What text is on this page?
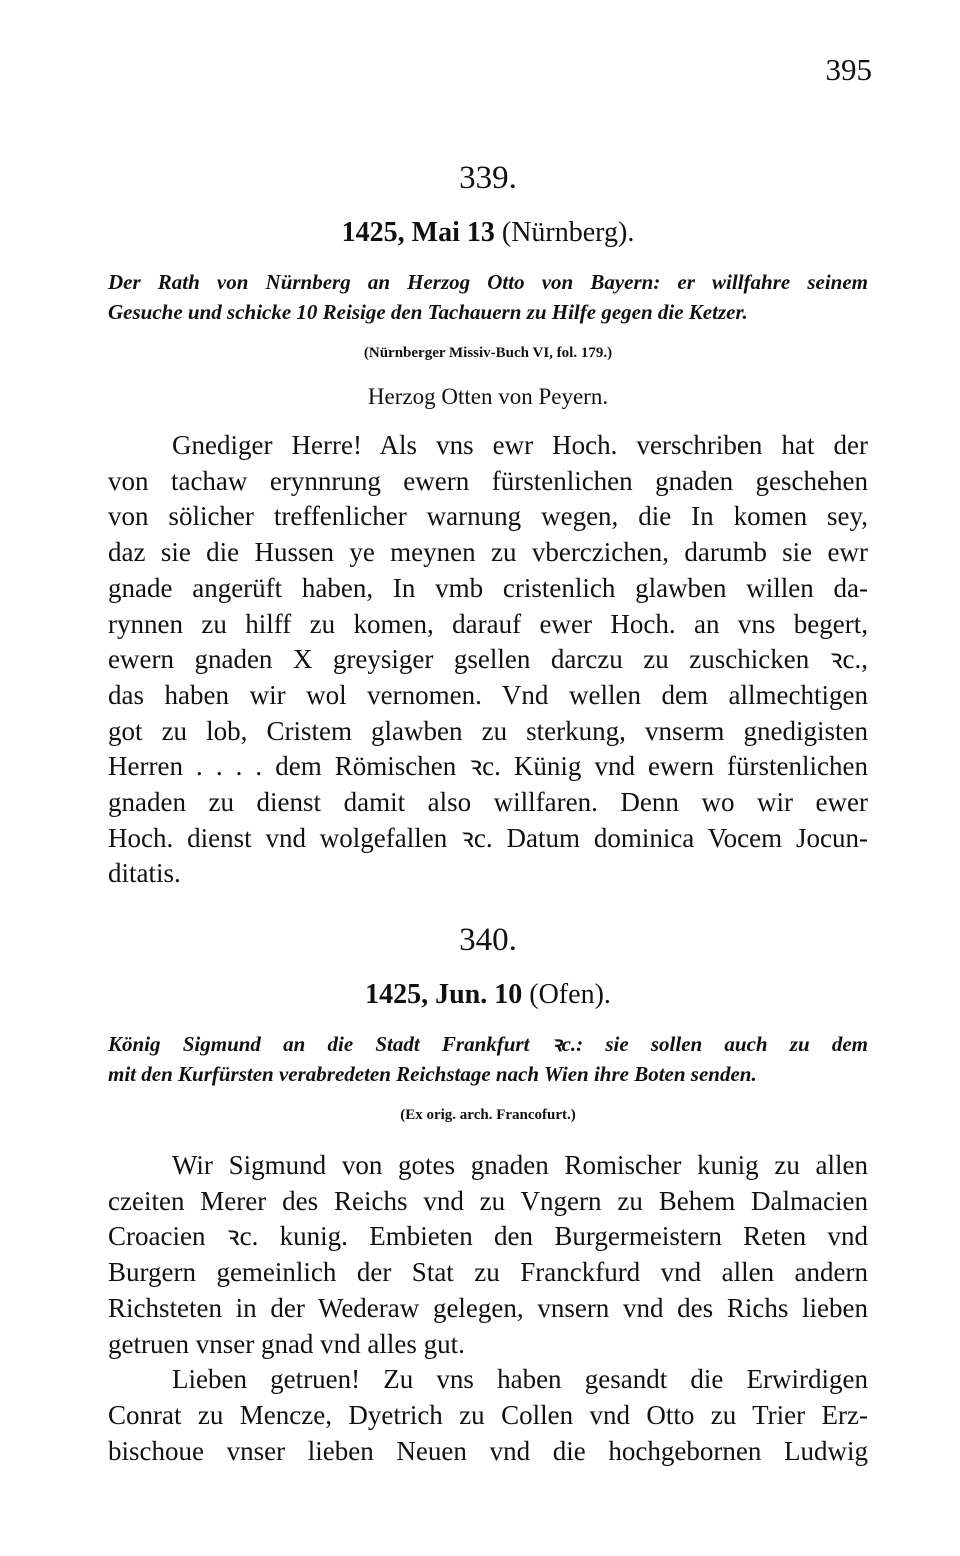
395
339.
1425, Mai 13 (Nürnberg).
Der Rath von Nürnberg an Herzog Otto von Bayern: er willfahre seinem
Gesuche und schicke 10 Reisige den Tachauern zu Hilfe gegen die Ketzer.
(Nürnberger Missiv-Buch VI, fol. 179.)
Herzog Otten von Peyern.

Gnediger Herre! Als vns ewr Hoch. verschriben hat der
von tachaw erynnrung ewern fürstenlichen gnaden geschehen
von sölicher treffenlicher warnung wegen, die In komen sey,
daz sie die Hussen ye meynen zu vberczichen, darumb sie ewr
gnade angerüft haben, In vmb cristenlich glawben willen da-
rynnen zu hilff zu komen, darauf ewer Hoch. an vns begert,
ewern gnaden X greysiger gsellen darczu zu zuschicken ꝛc.,
das haben wir wol vernomen. Vnd wellen dem allmechtigen
got zu lob, Cristem glawben zu sterkung, vnserm gnedigisten
Herren . . . . dem Römischen ꝛc. Künig vnd ewern fürstenlichen
gnaden zu dienst damit also willfaren. Denn wo wir ewer
Hoch. dienst vnd wolgefallen ꝛc. Datum dominica Vocem Jocun-
ditatis.

340.
1425, Jun. 10 (Ofen).
König Sigmund an die Stadt Frankfurt ꝛc.: sie sollen auch zu dem
mit den Kurfürsten verabredeten Reichstage nach Wien ihre Boten senden.
(Ex orig. arch. Francofurt.)

Wir Sigmund von gotes gnaden Romischer kunig zu allen
czeiten Merer des Reichs vnd zu Vngern zu Behem Dalmacien
Croacien ꝛc. kunig. Embieten den Burgermeistern Reten vnd
Burgern gemeinlich der Stat zu Franckfurd vnd allen andern
Richsteten in der Wederaw gelegen, vnsern vnd des Richs lieben
getruen vnser gnad vnd alles gut.

Lieben getruen! Zu vns haben gesandt die Erwirdigen
Conrat zu Mencze, Dyetrich zu Collen vnd Otto zu Trier Erz-
bischoue vnser lieben Neuen vnd die hochgebornen Ludwig
